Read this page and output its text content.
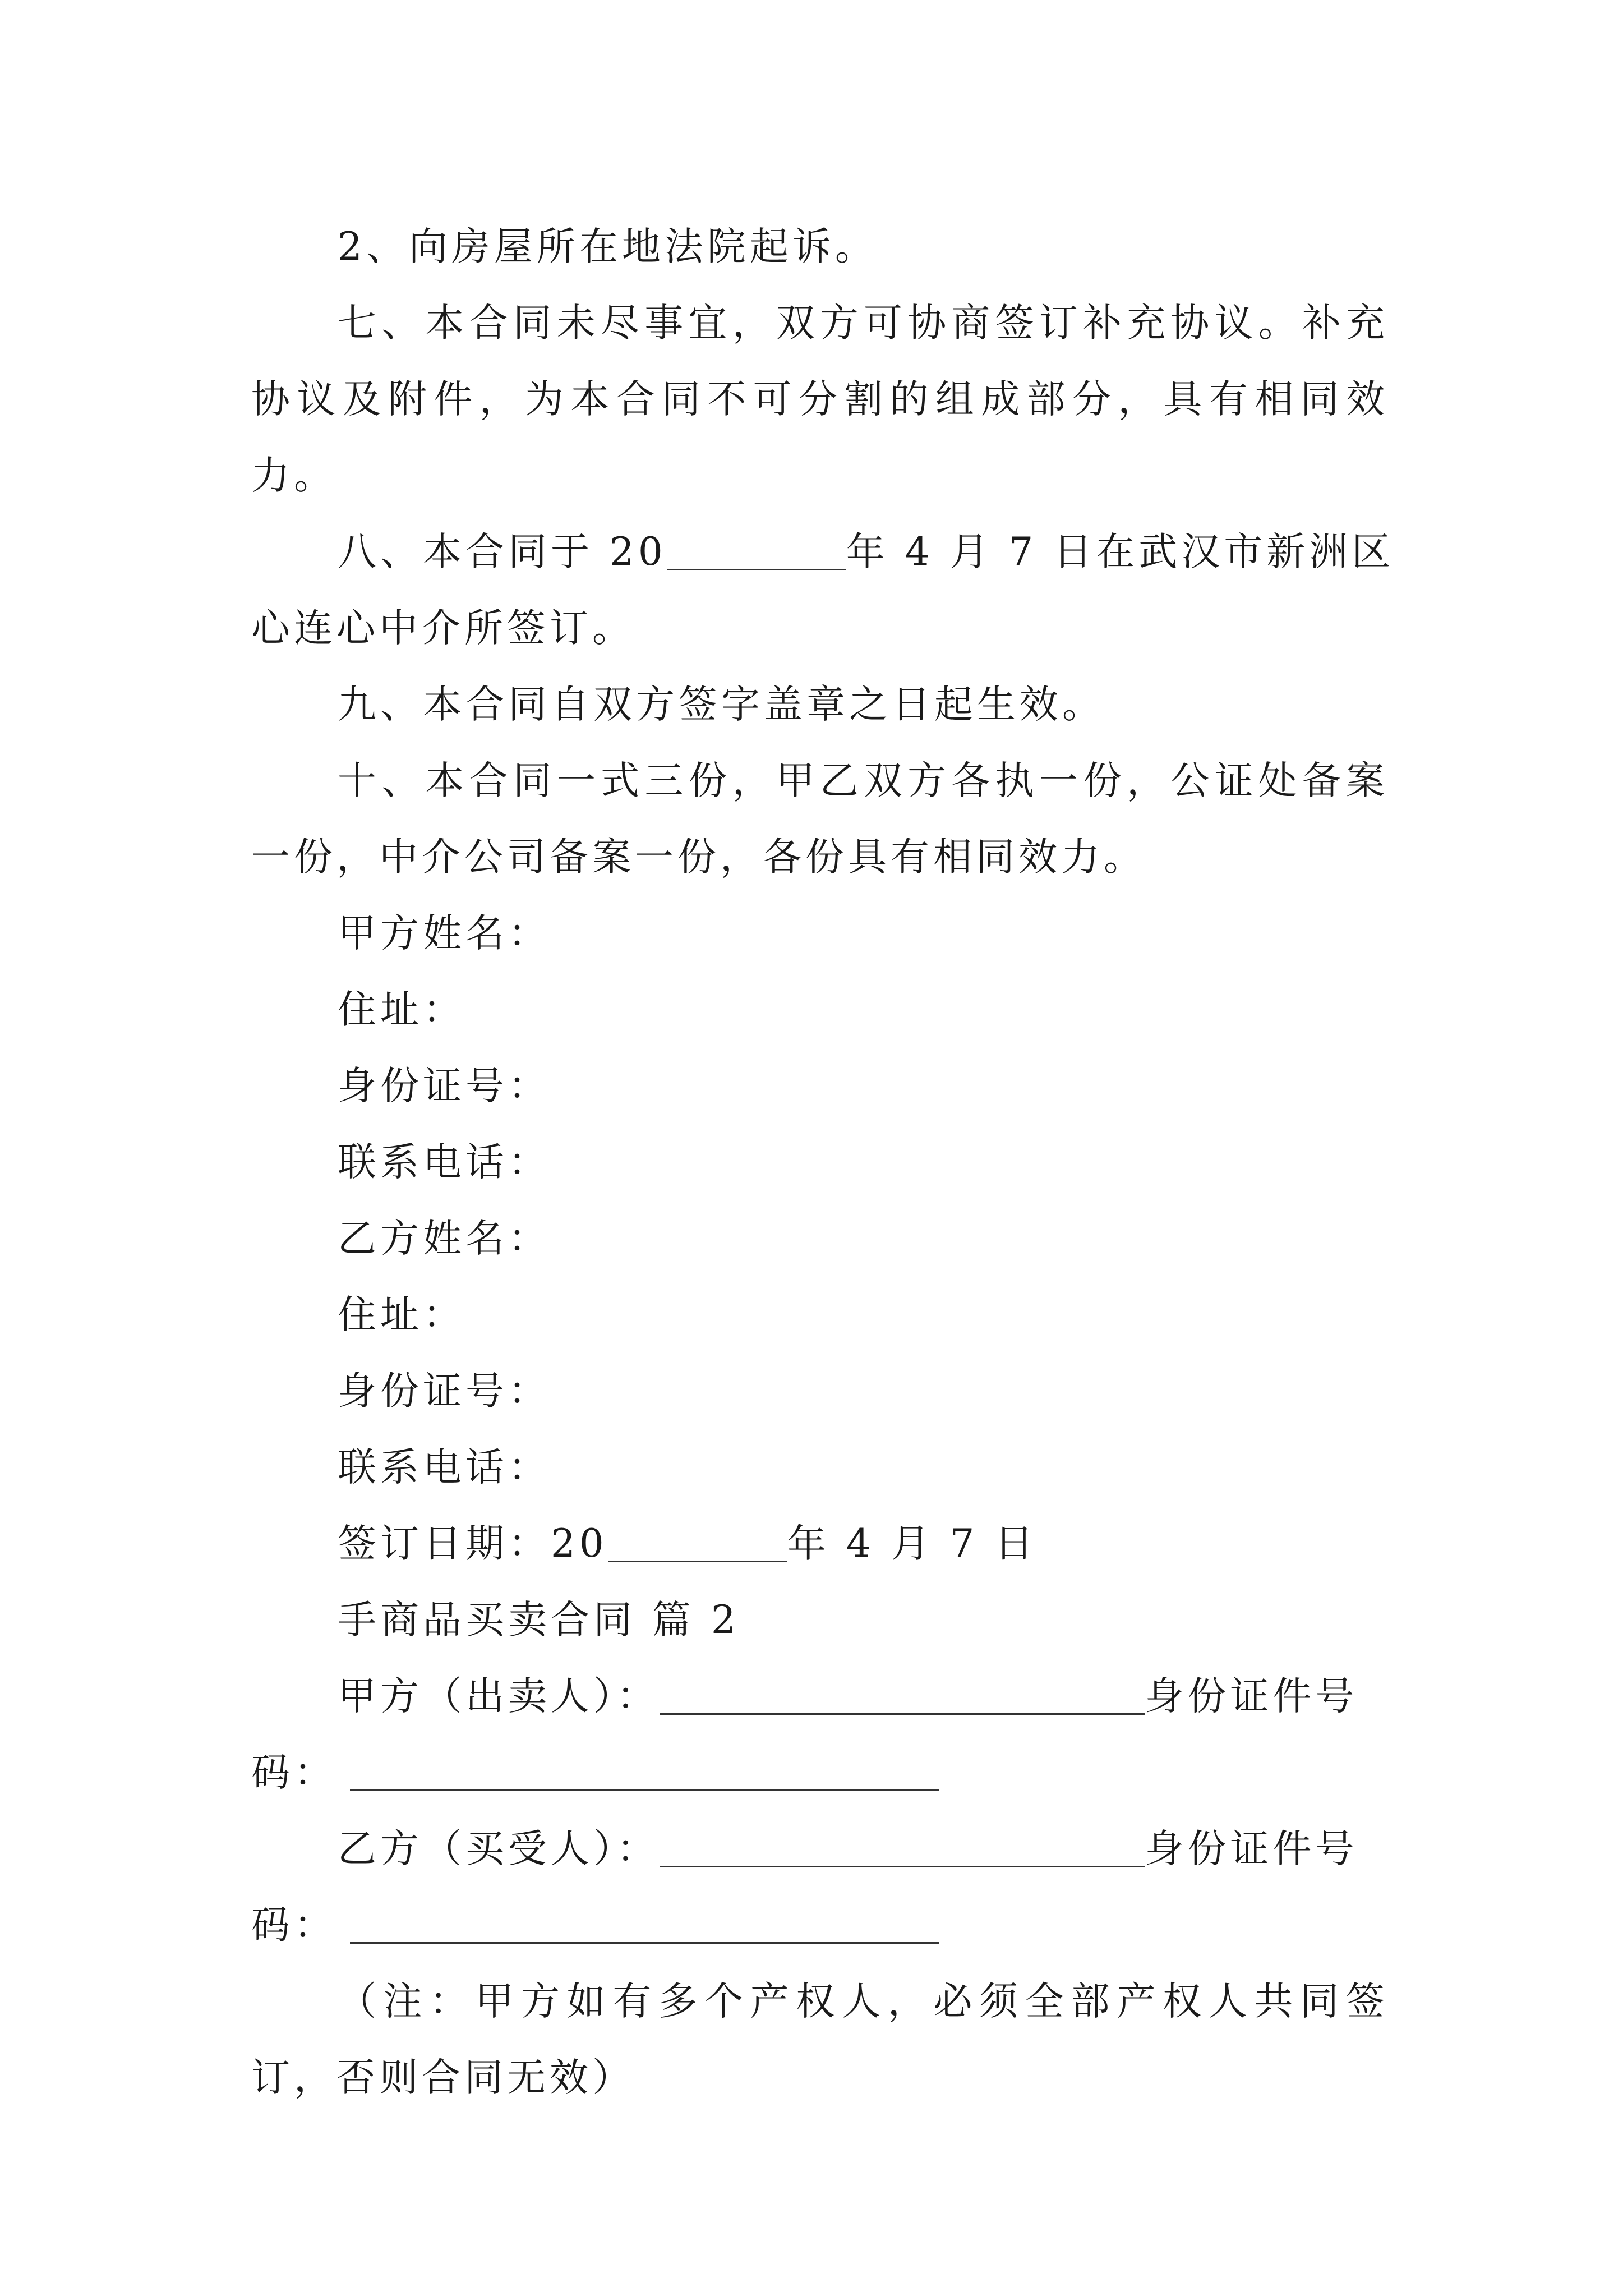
2、向房屋所在地法院起诉。

七、本合同未尽事宜，双方可协商签订补充协议。补充协议及附件，为本合同不可分割的组成部分，具有相同效力。

八、本合同于 20	年 4 月 7 日在武汉市新洲区

心连心中介所签订。

九、本合同自双方签字盖章之日起生效。

十、本合同一式三份，甲乙双方各执一份，公证处备案一份，中介公司备案一份，各份具有相同效力。

甲方姓名：

住址：

身份证号：

联系电话：

乙方姓名：

住址：

身份证号：

联系电话：

签订日期：20	年 4 月 7 日

手商品买卖合同 篇 2

甲方（出卖人）：	身份证件号

码：

乙方（买受人）：	身份证件号

码：

（注：甲方如有多个产权人，必须全部产权人共同签订，否则合同无效）
